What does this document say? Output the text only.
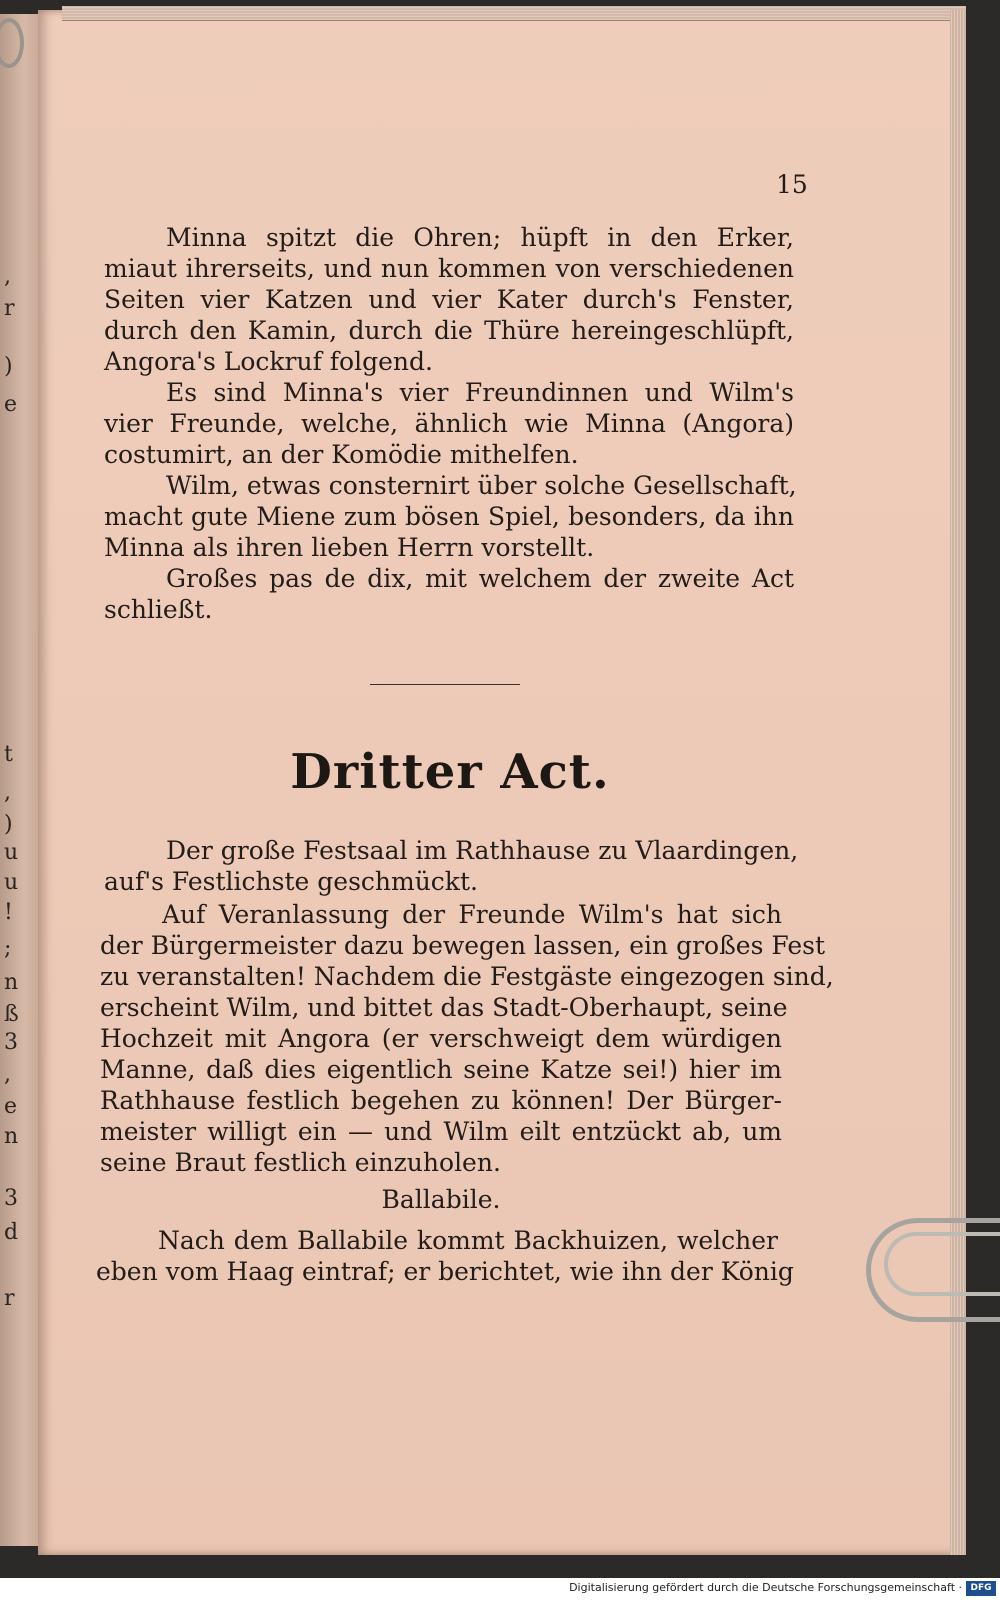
,
r
)
e
t
,
)
u
u
!
;
n
ß
3
,
e
n
3
d
r
15
Minna spitzt die Ohren; hüpft in den Erker,
miaut ihrerseits, und nun kommen von verschiedenen
Seiten vier Katzen und vier Kater durch's Fenster,
durch den Kamin, durch die Thüre hereingeschlüpft,
Angora's Lockruf folgend.
Es sind Minna's vier Freundinnen und Wilm's
vier Freunde, welche, ähnlich wie Minna (Angora)
costumirt, an der Komödie mithelfen.
Wilm, etwas consternirt über solche Gesellschaft,
macht gute Miene zum bösen Spiel, besonders, da ihn
Minna als ihren lieben Herrn vorstellt.
Großes pas de dix, mit welchem der zweite Act
schließt.
Dritter Act.
Der große Festsaal im Rathhause zu Vlaardingen,
auf's Festlichste geschmückt.
Auf Veranlassung der Freunde Wilm's hat sich
der Bürgermeister dazu bewegen lassen, ein großes Fest
zu veranstalten! Nachdem die Festgäste eingezogen sind,
erscheint Wilm, und bittet das Stadt-Oberhaupt, seine
Hochzeit mit Angora (er verschweigt dem würdigen
Manne, daß dies eigentlich seine Katze sei!) hier im
Rathhause festlich begehen zu können! Der Bürger-
meister willigt ein — und Wilm eilt entzückt ab, um
seine Braut festlich einzuholen.
Ballabile.
Nach dem Ballabile kommt Backhuizen, welcher
eben vom Haag eintraf; er berichtet, wie ihn der König
Digitalisierung gefördert durch die Deutsche Forschungsgemeinschaft · DFG
